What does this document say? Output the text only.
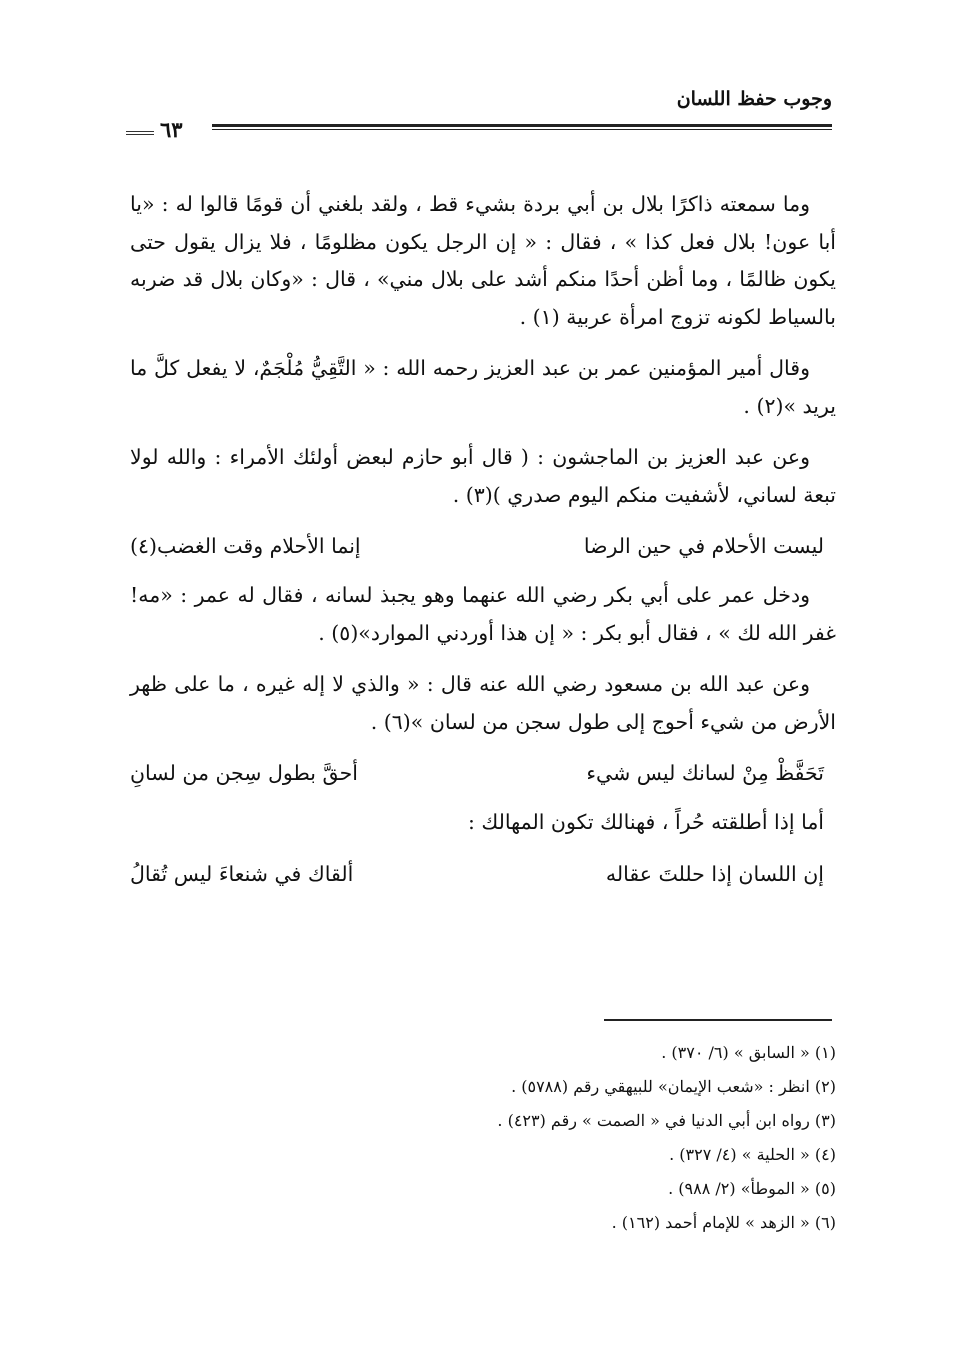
وجوب حفظ اللسان
٦٣

وما سمعته ذاكرًا بلال بن أبي بردة بشيء قط ، ولقد بلغني أن قومًا قالوا له : «يا أبا عون! بلال فعل كذا » ، فقال : « إن الرجل يكون مظلومًا ، فلا يزال يقول حتى يكون ظالمًا ، وما أظن أحدًا منكم أشد على بلال مني» ، قال : «وكان بلال قد ضربه بالسياط لكونه تزوج امرأة عربية (١) .

وقال أمير المؤمنين عمر بن عبد العزيز رحمه الله : « التَّقِيُّ مُلْجَمٌ، لا يفعل كلَّ ما يريد »(٢) .

وعن عبد العزيز بن الماجشون : ( قال أبو حازم لبعض أولئك الأمراء : والله لولا تبعة لساني، لأشفيت منكم اليوم صدري )(٣) .

ليست الأحلام في حين الرضا
إنما الأحلام وقت الغضب(٤)

ودخل عمر على أبي بكر رضي الله عنهما وهو يجبذ لسانه ، فقال له عمر : «مه! غفر الله لك » ، فقال أبو بكر : « إن هذا أوردني الموارد»(٥) .

وعن عبد الله بن مسعود رضي الله عنه قال : « والذي لا إله غيره ، ما على ظهر الأرض من شيء أحوج إلى طول سجن من لسان »(٦) .

تَحَفَّظْ مِنْ لسانك ليس شيء
أحقَّ بطول سِجن من لسانِ

أما إذا أطلقته حُراً ، فهنالك تكون المهالك :

إن اللسان إذا حللتَ عقاله
ألقاك في شنعاءَ ليس تُقالُ
(١) « السابق » (٦/ ٣٧٠) .
(٢) انظر : «شعب الإيمان» للبيهقي رقم (٥٧٨٨) .
(٣) رواه ابن أبي الدنيا في « الصمت » رقم (٤٢٣) .
(٤) « الحلية » (٤/ ٣٢٧) .
(٥) « الموطأ» (٢/ ٩٨٨) .
(٦) « الزهد » للإمام أحمد (١٦٢) .
